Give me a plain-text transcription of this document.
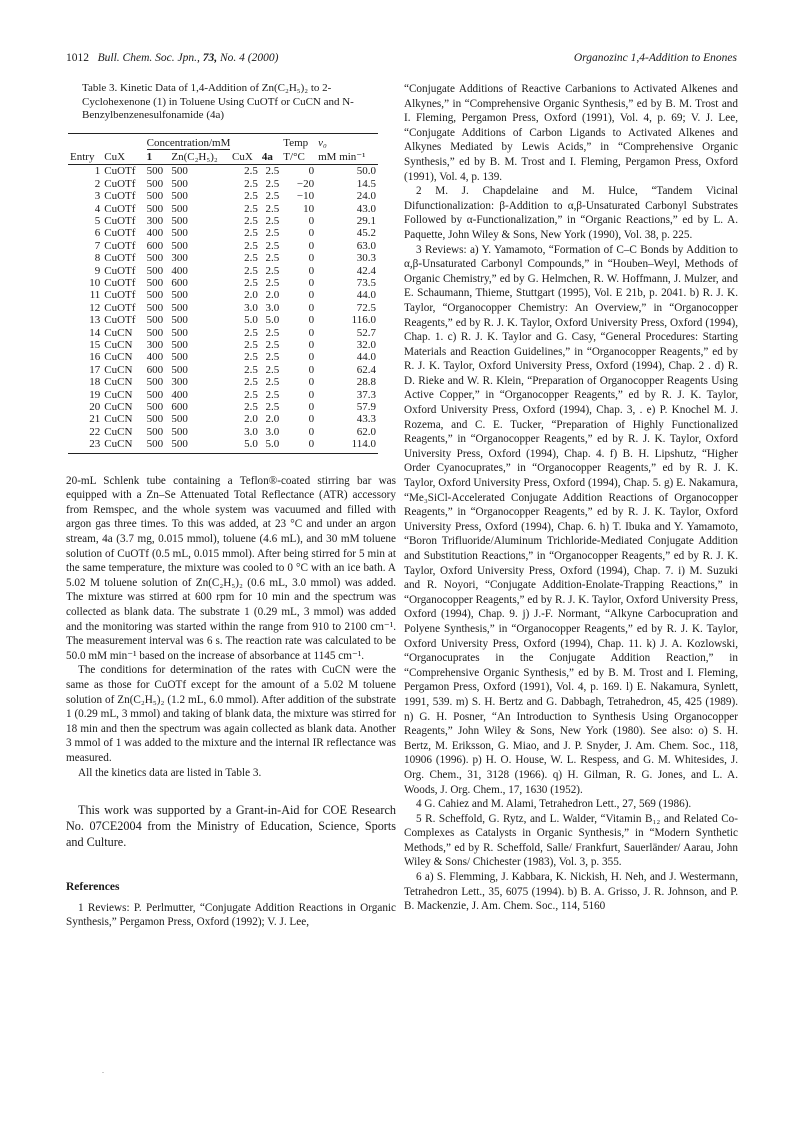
1012 Bull. Chem. Soc. Jpn., 73, No. 4 (2000)	Organozinc 1,4-Addition to Enones
Table 3. Kinetic Data of 1,4-Addition of Zn(C₂H₅)₂ to 2-Cyclohexenone (1) in Toluene Using CuOTf or CuCN and N-Benzylbenzenesulfonamide (4a)
		Concentration/mM				Temp	v₀
Entry	CuX	1	Zn(C₂H₅)₂	CuX	4a	T/°C	mM min⁻¹
1	CuOTf	500	500	2.5	2.5	0	50.0
2	CuOTf	500	500	2.5	2.5	−20	14.5
3	CuOTf	500	500	2.5	2.5	−10	24.0
4	CuOTf	500	500	2.5	2.5	10	43.0
5	CuOTf	300	500	2.5	2.5	0	29.1
6	CuOTf	400	500	2.5	2.5	0	45.2
7	CuOTf	600	500	2.5	2.5	0	63.0
8	CuOTf	500	300	2.5	2.5	0	30.3
9	CuOTf	500	400	2.5	2.5	0	42.4
10	CuOTf	500	600	2.5	2.5	0	73.5
11	CuOTf	500	500	2.0	2.0	0	44.0
12	CuOTf	500	500	3.0	3.0	0	72.5
13	CuOTf	500	500	5.0	5.0	0	116.0
14	CuCN	500	500	2.5	2.5	0	52.7
15	CuCN	300	500	2.5	2.5	0	32.0
16	CuCN	400	500	2.5	2.5	0	44.0
17	CuCN	600	500	2.5	2.5	0	62.4
18	CuCN	500	300	2.5	2.5	0	28.8
19	CuCN	500	400	2.5	2.5	0	37.3
20	CuCN	500	600	2.5	2.5	0	57.9
21	CuCN	500	500	2.0	2.0	0	43.3
22	CuCN	500	500	3.0	3.0	0	62.0
23	CuCN	500	500	5.0	5.0	0	114.0

20-mL Schlenk tube containing a Teflon®-coated stirring bar was equipped with a Zn–Se Attenuated Total Reflectance (ATR) accessory from Remspec, and the whole system was vacuumed and filled with argon gas three times. To this was added, at 23 °C and under an argon stream, 4a (3.7 mg, 0.015 mmol), toluene (4.6 mL), and 30 mM toluene solution of CuOTf (0.5 mL, 0.015 mmol). After being stirred for 5 min at the same temperature, the mixture was cooled to 0 °C with an ice bath. A 5.02 M toluene solution of Zn(C₂H₅)₂ (0.6 mL, 3.0 mmol) was added. The mixture was stirred at 600 rpm for 10 min and the spectrum was collected as blank data. The substrate 1 (0.29 mL, 3 mmol) was added and the monitoring was started within the range from 910 to 2100 cm⁻¹. The measurement interval was 6 s. The reaction rate was calculated to be 50.0 mM min⁻¹ based on the increase of absorbance at 1145 cm⁻¹.

The conditions for determination of the rates with CuCN were the same as those for CuOTf except for the amount of a 5.02 M toluene solution of Zn(C₂H₅)₂ (1.2 mL, 6.0 mmol). After addition of the substrate 1 (0.29 mL, 3 mmol) and taking of blank data, the mixture was stirred for 18 min and then the spectrum was again collected as blank data. Another 3 mmol of 1 was added to the mixture and the internal IR reflectance was measured.

All the kinetics data are listed in Table 3.

This work was supported by a Grant-in-Aid for COE Research No. 07CE2004 from the Ministry of Education, Science, Sports and Culture.

References

1 Reviews: P. Perlmutter, “Conjugate Addition Reactions in Organic Synthesis,” Pergamon Press, Oxford (1992); V. J. Lee,

“Conjugate Additions of Reactive Carbanions to Activated Alkenes and Alkynes,” in “Comprehensive Organic Synthesis,” ed by B. M. Trost and I. Fleming, Pergamon Press, Oxford (1991), Vol. 4, p. 69; V. J. Lee, “Conjugate Additions of Carbon Ligands to Activated Alkenes and Alkynes Mediated by Lewis Acids,” in “Comprehensive Organic Synthesis,” ed by B. M. Trost and I. Fleming, Pergamon Press, Oxford (1991), Vol. 4, p. 139.

2 M. J. Chapdelaine and M. Hulce, “Tandem Vicinal Difunctionalization: β-Addition to α,β-Unsaturated Carbonyl Substrates Followed by α-Functionalization,” in “Organic Reactions,” ed by L. A. Paquette, John Wiley & Sons, New York (1990), Vol. 38, p. 225.

3 Reviews: a) Y. Yamamoto, “Formation of C–C Bonds by Addition to α,β-Unsaturated Carbonyl Compounds,” in “Houben–Weyl, Methods of Organic Chemistry,” ed by G. Helmchen, R. W. Hoffmann, J. Mulzer, and E. Schaumann, Thieme, Stuttgart (1995), Vol. E 21b, p. 2041. b) R. J. K. Taylor, “Organocopper Chemistry: An Overview,” in “Organocopper Reagents,” ed by R. J. K. Taylor, Oxford University Press, Oxford (1994), Chap. 1. c) R. J. K. Taylor and G. Casy, “General Procedures: Starting Materials and Reaction Guidelines,” in “Organocopper Reagents,” ed by R. J. K. Taylor, Oxford University Press, Oxford (1994), Chap. 2 . d) R. D. Rieke and W. R. Klein, “Preparation of Organocopper Reagents Using Active Copper,” in “Organocopper Reagents,” ed by R. J. K. Taylor, Oxford University Press, Oxford (1994), Chap. 3, . e) P. Knochel M. J. Rozema, and C. E. Tucker, “Preparation of Highly Functionalized Reagents,” in “Organocopper Reagents,” ed by R. J. K. Taylor, Oxford University Press, Oxford (1994), Chap. 4. f) B. H. Lipshutz, “Higher Order Cyanocuprates,” in “Organocopper Reagents,” ed by R. J. K. Taylor, Oxford University Press, Oxford (1994), Chap. 5. g) E. Nakamura, “Me₃SiCl-Accelerated Conjugate Addition Reactions of Organocopper Reagents,” in “Organocopper Reagents,” ed by R. J. K. Taylor, Oxford University Press, Oxford (1994), Chap. 6. h) T. Ibuka and Y. Yamamoto, “Boron Trifluoride/Aluminum Trichloride-Mediated Conjugate Addition and Substitution Reactions,” in “Organocopper Reagents,” ed by R. J. K. Taylor, Oxford University Press, Oxford (1994), Chap. 7. i) M. Suzuki and R. Noyori, “Conjugate Addition-Enolate-Trapping Reactions,” in “Organocopper Reagents,” ed by R. J. K. Taylor, Oxford University Press, Oxford (1994), Chap. 9. j) J.-F. Normant, “Alkyne Carbocupration and Polyene Synthesis,” in “Organocopper Reagents,” ed by R. J. K. Taylor, Oxford University Press, Oxford (1994), Chap. 11. k) J. A. Kozlowski, “Organocuprates in the Conjugate Addition Reaction,” in “Comprehensive Organic Synthesis,” ed by B. M. Trost and I. Fleming, Pergamon Press, Oxford (1991), Vol. 4, p. 169. l) E. Nakamura, Synlett, 1991, 539. m) S. H. Bertz and G. Dabbagh, Tetrahedron, 45, 425 (1989). n) G. H. Posner, “An Introduction to Synthesis Using Organocopper Reagents,” John Wiley & Sons, New York (1980). See also: o) S. H. Bertz, M. Eriksson, G. Miao, and J. P. Snyder, J. Am. Chem. Soc., 118, 10906 (1996). p) H. O. House, W. L. Respess, and G. M. Whitesides, J. Org. Chem., 31, 3128 (1966). q) H. Gilman, R. G. Jones, and L. A. Woods, J. Org. Chem., 17, 1630 (1952).

4 G. Cahiez and M. Alami, Tetrahedron Lett., 27, 569 (1986).

5 R. Scheffold, G. Rytz, and L. Walder, “Vitamin B₁₂ and Related Co-Complexes as Catalysts in Organic Synthesis,” in “Modern Synthetic Methods,” ed by R. Scheffold, Salle/ Frankfurt, Sauerländer/ Aarau, John Wiley & Sons/ Chichester (1983), Vol. 3, p. 355.

6 a) S. Flemming, J. Kabbara, K. Nickish, H. Neh, and J. Westermann, Tetrahedron Lett., 35, 6075 (1994). b) B. A. Grisso, J. R. Johnson, and P. B. Mackenzie, J. Am. Chem. Soc., 114, 5160

.
